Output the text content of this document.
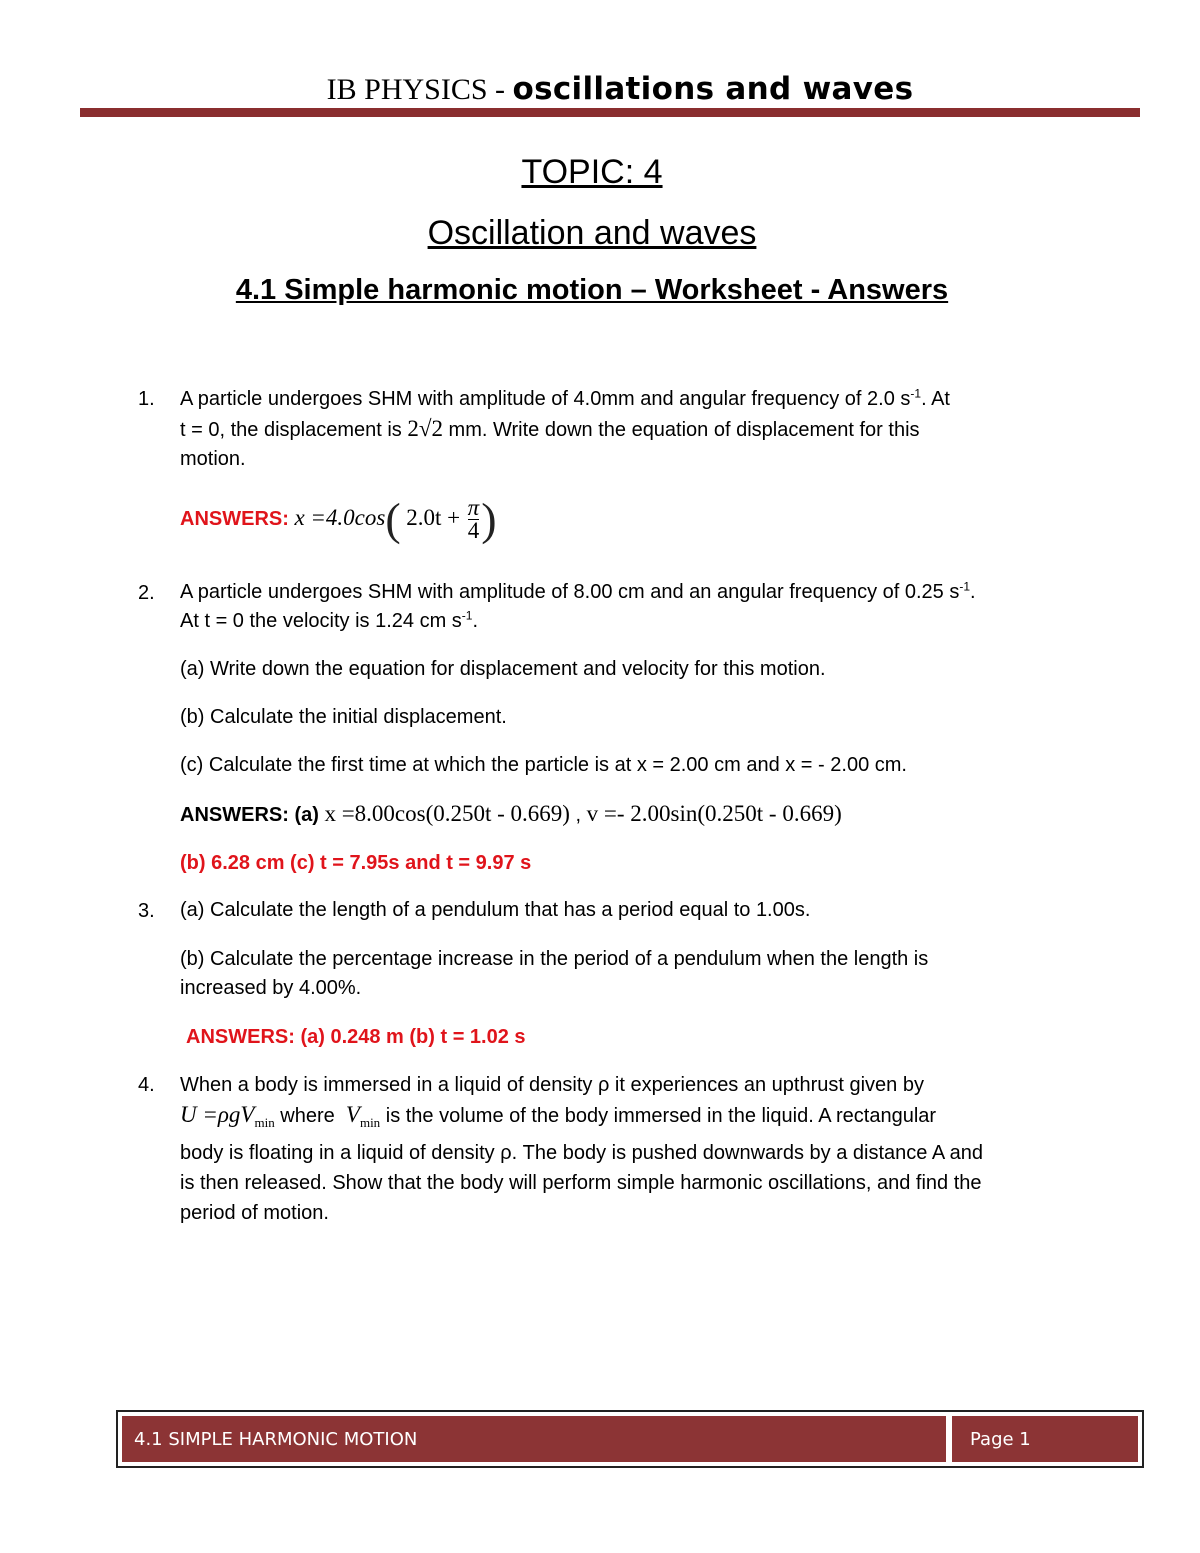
IB PHYSICS - oscillations and waves
TOPIC: 4
Oscillation and waves
4.1 Simple harmonic motion – Worksheet - Answers
1. A particle undergoes SHM with amplitude of 4.0mm and angular frequency of 2.0 $s^{-1}$. At
t = 0, the displacement is 2√2 mm. Write down the equation of displacement for this
motion.

ANSWERS: x =4.0cos( $2.0t + \frac{\pi}{4}$ )
2. A particle undergoes SHM with amplitude of 8.00 cm and an angular frequency of 0.25 $s^{-1}$.
At t = 0 the velocity is 1.24 cm $s^{-1}$.

(a) Write down the equation for displacement and velocity for this motion.

(b) Calculate the initial displacement.

(c) Calculate the first time at which the particle is at x = 2.00 cm and x = - 2.00 cm.

ANSWERS: (a) x =8.00cos(0.250t - 0.669) , v =- 2.00sin(0.250t - 0.669)

(b) 6.28 cm (c) t = 7.95s and t = 9.97 s

3. (a) Calculate the length of a pendulum that has a period equal to 1.00s.

(b) Calculate the percentage increase in the period of a pendulum when the length is
increased by 4.00%.

ANSWERS: (a) 0.248 m (b) t = 1.02 s

4. When a body is immersed in a liquid of density ρ it experiences an upthrust given by
U =ρgV$_{min}$ where $V_{min}$ is the volume of the body immersed in the liquid. A rectangular
body is floating in a liquid of density ρ. The body is pushed downwards by a distance A and
is then released. Show that the body will perform simple harmonic oscillations, and find the
period of motion.

4.1 SIMPLE HARMONIC MOTION	Page 1
